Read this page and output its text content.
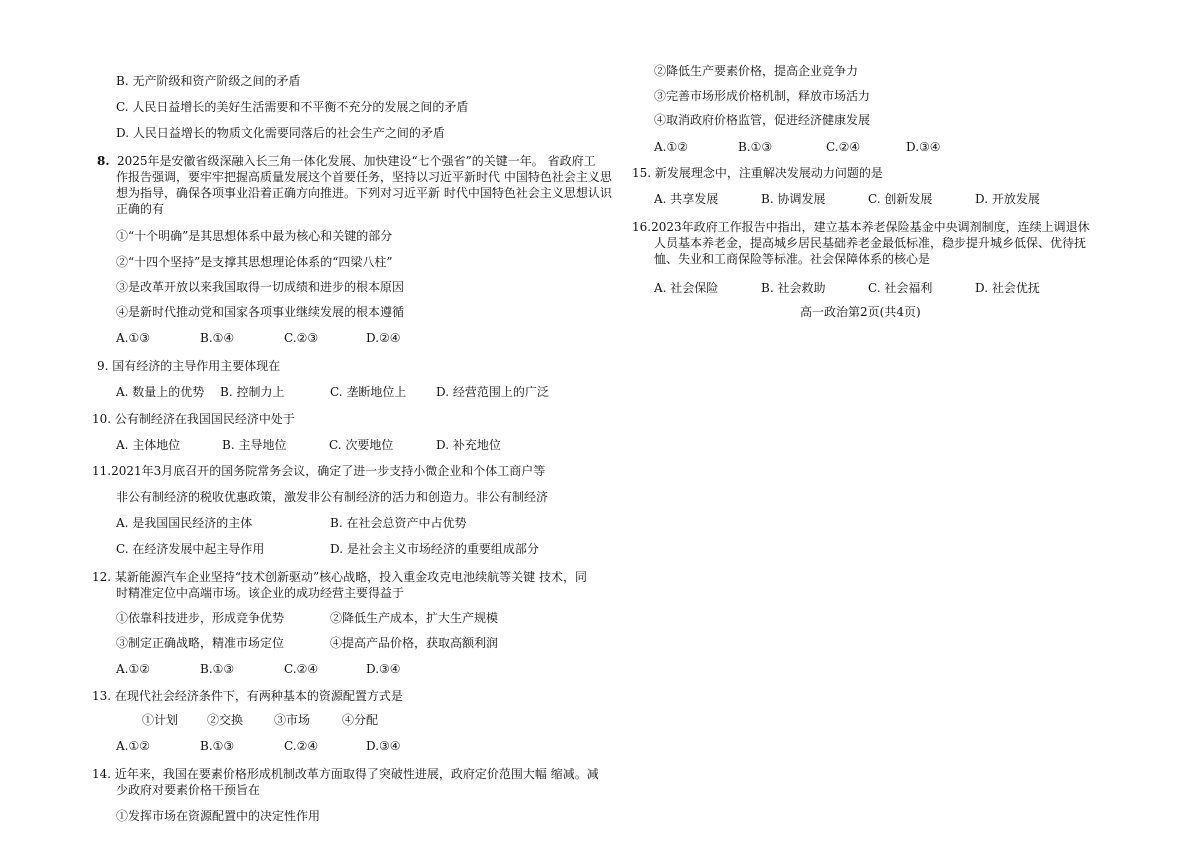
B. 无产阶级和资产阶级之间的矛盾
C. 人民日益增长的美好生活需要和不平衡不充分的发展之间的矛盾
D. 人民日益增长的物质文化需要同落后的社会生产之间的矛盾
8. 2025年是安徽省级深融入长三角一体化发展、加快建设“七个强省”的关键一年。 省政府工
作报告强调，要牢牢把握高质量发展这个首要任务，坚持以习近平新时代 中国特色社会主义思
想为指导，确保各项事业沿着正确方向推进。下列对习近平新 时代中国特色社会主义思想认识
正确的有
①“十个明确”是其思想体系中最为核心和关键的部分
②“十四个坚持”是支撑其思想理论体系的“四梁八柱”
③是改革开放以来我国取得一切成绩和进步的根本原因
④是新时代推动党和国家各项事业继续发展的根本遵循
A.①③	B.①④	C.②③	D.②④
9. 国有经济的主导作用主要体现在
A. 数量上的优势	B. 控制力上	C. 垄断地位上	D. 经营范围上的广泛
10. 公有制经济在我国国民经济中处于
A. 主体地位	B. 主导地位	C. 次要地位	D. 补充地位
11.2021年3月底召开的国务院常务会议，确定了进一步支持小微企业和个体工商户等
非公有制经济的税收优惠政策，激发非公有制经济的活力和创造力。非公有制经济
A. 是我国国民经济的主体	B. 在社会总资产中占优势
C. 在经济发展中起主导作用	D. 是社会主义市场经济的重要组成部分
12. 某新能源汽车企业坚持“技术创新驱动”核心战略，投入重金攻克电池续航等关键 技术，同
时精准定位中高端市场。该企业的成功经营主要得益于
①依靠科技进步，形成竞争优势	②降低生产成本，扩大生产规模
③制定正确战略，精准市场定位	④提高产品价格，获取高额利润
A.①②	B.①③	C.②④	D.③④
13. 在现代社会经济条件下，有两种基本的资源配置方式是
①计划	②交换	③市场	④分配
A.①②	B.①③	C.②④	D.③④
14. 近年来，我国在要素价格形成机制改革方面取得了突破性进展，政府定价范围大幅 缩减。减
少政府对要素价格干预旨在
①发挥市场在资源配置中的决定性作用
②降低生产要素价格，提高企业竞争力
③完善市场形成价格机制，释放市场活力
④取消政府价格监管，促进经济健康发展
A.①②	B.①③	C.②④	D.③④
15. 新发展理念中，注重解决发展动力问题的是
A. 共享发展	B. 协调发展	C. 创新发展	D. 开放发展
16.2023年政府工作报告中指出，建立基本养老保险基金中央调剂制度，连续上调退休
人员基本养老金，提高城乡居民基础养老金最低标准，稳步提升城乡低保、优待抚
恤、失业和工商保险等标准。社会保障体系的核心是
A. 社会保险	B. 社会救助	C. 社会福利	D. 社会优抚
高一政治第2页(共4页)
